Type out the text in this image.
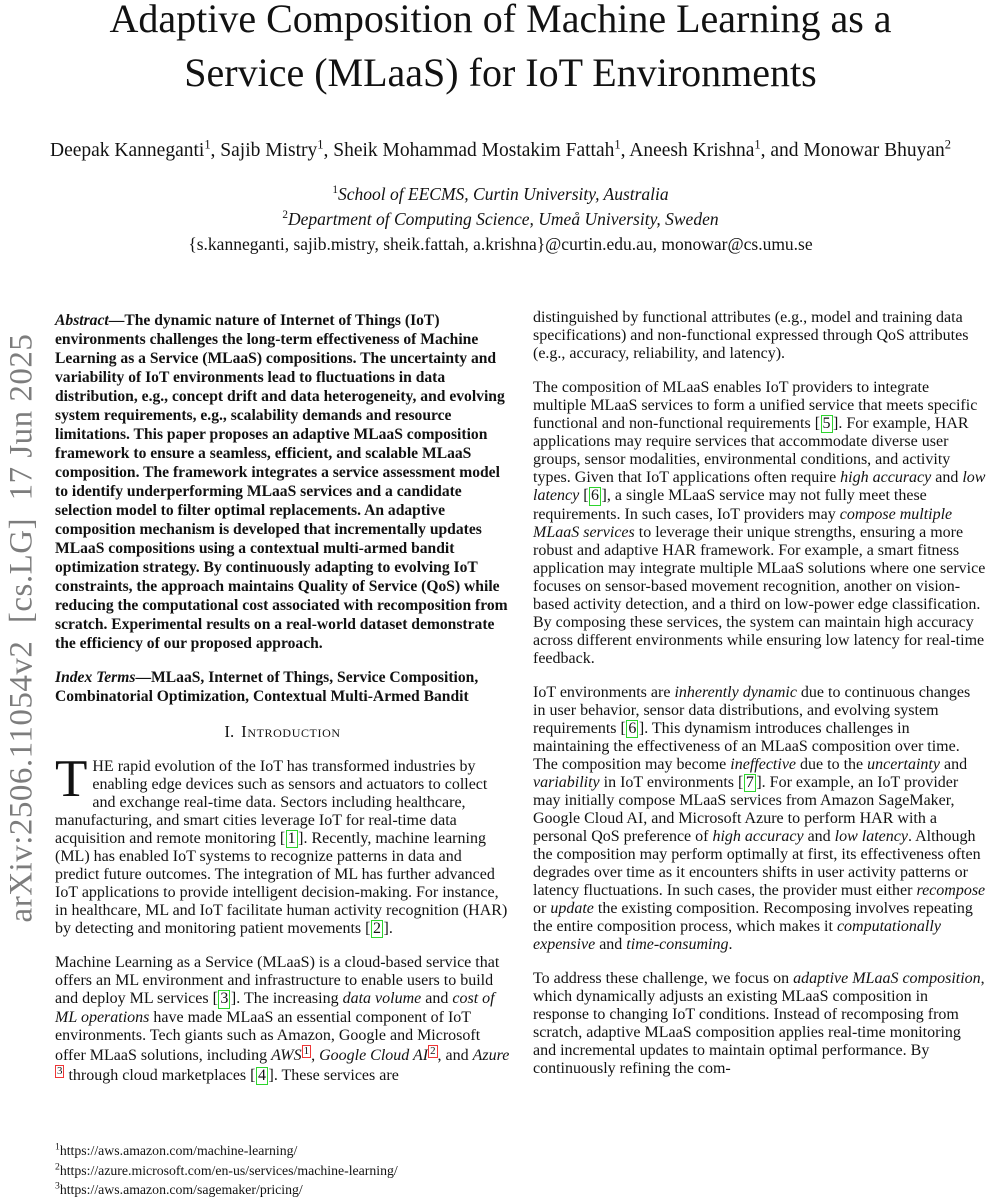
arXiv:2506.11054v2  [cs.LG]  17 Jun 2025
Adaptive Composition of Machine Learning as a Service (MLaaS) for IoT Environments
Deepak Kanneganti$^1$, Sajib Mistry$^1$, Sheik Mohammad Mostakim Fattah$^1$, Aneesh Krishna$^1$, and Monowar Bhuyan$^2$
$^1$School of EECMS, Curtin University, Australia
$^2$Department of Computing Science, Umeå University, Sweden
{s.kanneganti, sajib.mistry, sheik.fattah, a.krishna}@curtin.edu.au, monowar@cs.umu.se

Abstract—The dynamic nature of Internet of Things (IoT) environments challenges the long-term effectiveness of Machine Learning as a Service (MLaaS) compositions. The uncertainty and variability of IoT environments lead to fluctuations in data distribution, e.g., concept drift and data heterogeneity, and evolving system requirements, e.g., scalability demands and resource limitations. This paper proposes an adaptive MLaaS composition framework to ensure a seamless, efficient, and scalable MLaaS composition. The framework integrates a service assessment model to identify underperforming MLaaS services and a candidate selection model to filter optimal replacements. An adaptive composition mechanism is developed that incrementally updates MLaaS compositions using a contextual multi-armed bandit optimization strategy. By continuously adapting to evolving IoT constraints, the approach maintains Quality of Service (QoS) while reducing the computational cost associated with recomposition from scratch. Experimental results on a real-world dataset demonstrate the efficiency of our proposed approach.

Index Terms—MLaaS, Internet of Things, Service Composition, Combinatorial Optimization, Contextual Multi-Armed Bandit

I. Introduction

THE rapid evolution of the IoT has transformed industries by enabling edge devices such as sensors and actuators to collect and exchange real-time data. Sectors including healthcare, manufacturing, and smart cities leverage IoT for real-time data acquisition and remote monitoring [ 1 ]. Recently, machine learning (ML) has enabled IoT systems to recognize patterns in data and predict future outcomes. The integration of ML has further advanced IoT applications to provide intelligent decision-making. For instance, in healthcare, ML and IoT facilitate human activity recognition (HAR) by detecting and monitoring patient movements [ 2 ].

Machine Learning as a Service (MLaaS) is a cloud-based service that offers an ML environment and infrastructure to enable users to build and deploy ML services [ 3 ]. The increasing data volume and cost of ML operations have made MLaaS an essential component of IoT environments. Tech giants such as Amazon, Google and Microsoft offer MLaaS solutions, including AWS 1 , Google Cloud AI 2 , and Azure3 through cloud marketplaces [ 4 ]. These services are

distinguished by functional attributes (e.g., model and training data specifications) and non-functional expressed through QoS attributes (e.g., accuracy, reliability, and latency).

The composition of MLaaS enables IoT providers to integrate multiple MLaaS services to form a unified service that meets specific functional and non-functional requirements [ 5 ]. For example, HAR applications may require services that accommodate diverse user groups, sensor modalities, environmental conditions, and activity types. Given that IoT applications often require high accuracy and low latency [ 6 ], a single MLaaS service may not fully meet these requirements. In such cases, IoT providers may compose multiple MLaaS services to leverage their unique strengths, ensuring a more robust and adaptive HAR framework. For example, a smart fitness application may integrate multiple MLaaS solutions where one service focuses on sensor-based movement recognition, another on vision-based activity detection, and a third on low-power edge classification. By composing these services, the system can maintain high accuracy across different environments while ensuring low latency for real-time feedback.

IoT environments are inherently dynamic due to continuous changes in user behavior, sensor data distributions, and evolving system requirements [ 6 ]. This dynamism introduces challenges in maintaining the effectiveness of an MLaaS composition over time. The composition may become ineffective due to the uncertainty and variability in IoT environments [ 7 ]. For example, an IoT provider may initially compose MLaaS services from Amazon SageMaker, Google Cloud AI, and Microsoft Azure to perform HAR with a personal QoS preference of high accuracy and low latency. Although the composition may perform optimally at first, its effectiveness often degrades over time as it encounters shifts in user activity patterns or latency fluctuations. In such cases, the provider must either recompose or update the existing composition. Recomposing involves repeating the entire composition process, which makes it computationally expensive and time-consuming.

To address these challenge, we focus on adaptive MLaaS composition, which dynamically adjusts an existing MLaaS composition in response to changing IoT conditions. Instead of recomposing from scratch, adaptive MLaaS composition applies real-time monitoring and incremental updates to maintain optimal performance. By continuously refining the com-

$^1$https://aws.amazon.com/machine-learning/
$^2$https://azure.microsoft.com/en-us/services/machine-learning/
$^3$https://aws.amazon.com/sagemaker/pricing/
